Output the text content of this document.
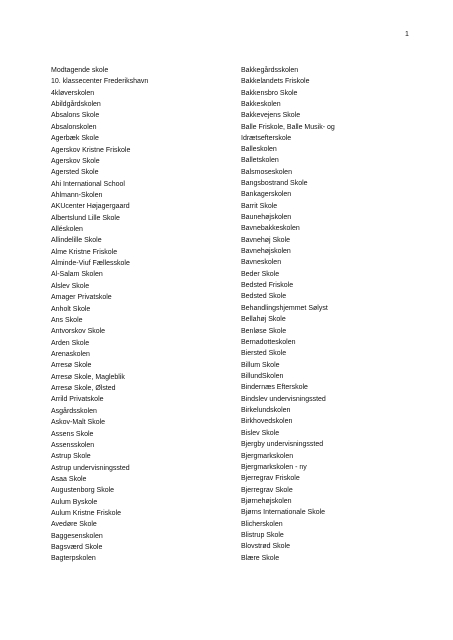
1
Modtagende skole
10. klassecenter Frederikshavn
4kløverskolen
Abildgårdskolen
Absalons Skole
Absalonskolen
Agerbæk Skole
Agerskov Kristne Friskole
Agerskov Skole
Agersted Skole
Ahi International School
Ahlmann-Skolen
AKUcenter Højagergaard
Albertslund Lille Skole
Alléskolen
Allindelille Skole
Alme Kristne Friskole
Alminde-Viuf Fællesskole
Al-Salam Skolen
Alslev Skole
Amager Privatskole
Anholt Skole
Ans Skole
Antvorskov Skole
Arden Skole
Arenaskolen
Arresø Skole
Arresø Skole, Magleblik
Arresø Skole, Ølsted
Arrild Privatskole
Asgårdsskolen
Askov-Malt Skole
Assens Skole
Assensskolen
Astrup Skole
Astrup undervisningssted
Asaa Skole
Augustenborg Skole
Aulum Byskole
Aulum Kristne Friskole
Avedøre Skole
Baggesenskolen
Bagsværd Skole
Bagterpskolen
Bakkegårdsskolen
Bakkelandets Friskole
Bakkensbro Skole
Bakkeskolen
Bakkevejens Skole
Balle Friskole, Balle Musik- og Idrætsefterskole
Balleskolen
Balletskolen
Balsmoseskolen
Bangsbostrand Skole
Bankagerskolen
Barrit Skole
Baunehøjskolen
Bavnebakkeskolen
Bavnehøj Skole
Bavnehøjskolen
Bavneskolen
Beder Skole
Bedsted Friskole
Bedsted Skole
Behandlingshjemmet Sølyst
Bellahøj Skole
Benløse Skole
Bernadotteskolen
Biersted Skole
Billum Skole
BillundSkolen
Bindernæs Efterskole
Bindslev undervisningssted
Birkelundskolen
Birkhovedskolen
Bislev Skole
Bjergby undervisningssted
Bjergmarkskolen
Bjergmarkskolen - ny
Bjerregrav Friskole
Bjerregrav Skole
Bjørnehøjskolen
Bjørns Internationale Skole
Blicherskolen
Blistrup Skole
Blovstrød Skole
Blære Skole
